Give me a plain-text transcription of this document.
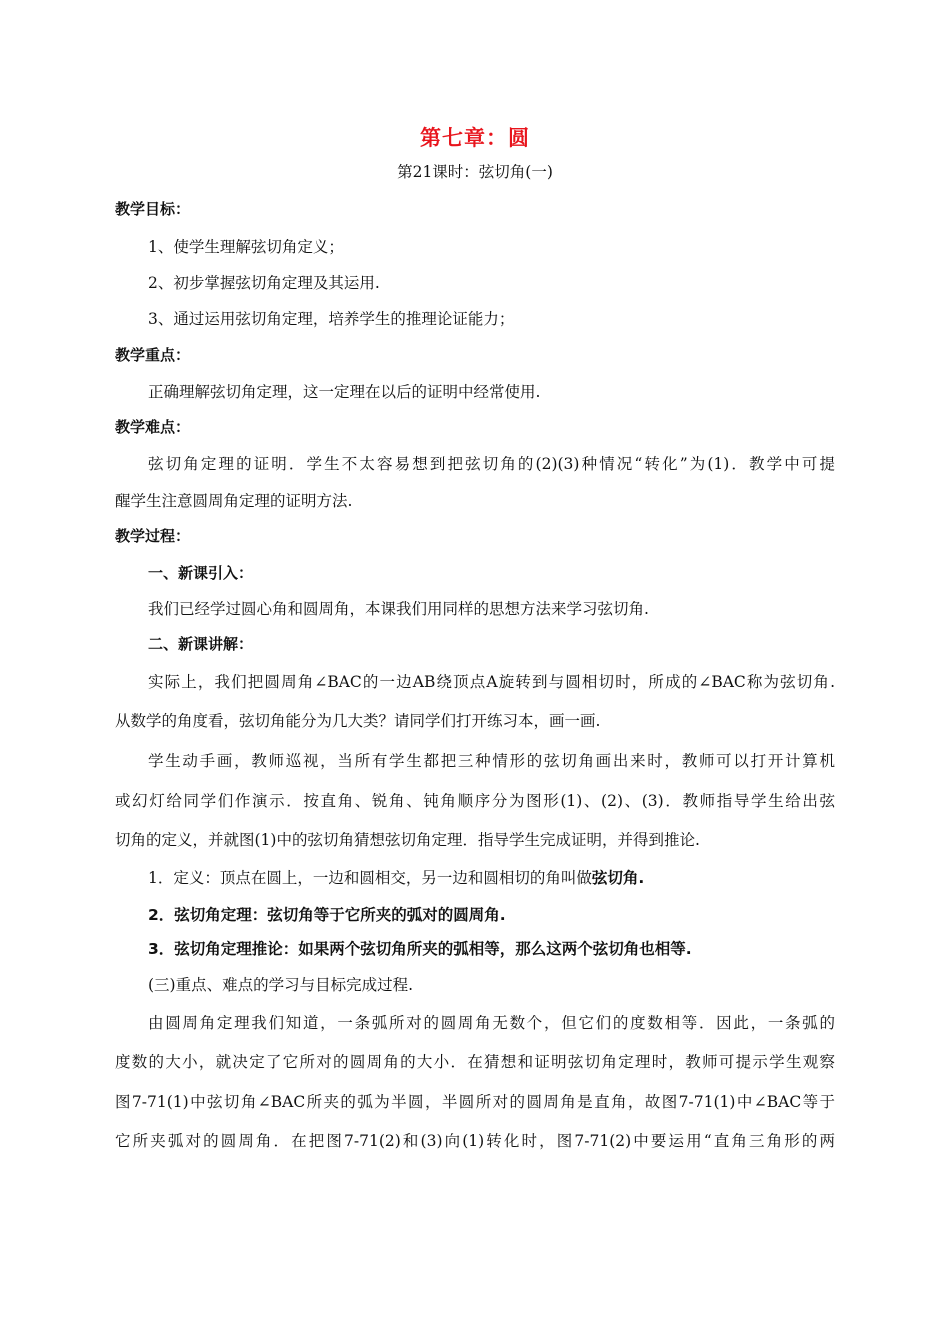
第七章：圆
第21课时：弦切角(一)
教学目标：
1、使学生理解弦切角定义；
2、初步掌握弦切角定理及其运用.
3、通过运用弦切角定理，培养学生的推理论证能力；
教学重点：
正确理解弦切角定理，这一定理在以后的证明中经常使用.
教学难点：
弦切角定理的证明．学生不太容易想到把弦切角的(2)(3)种情况“转化”为(1)．教学中可提
醒学生注意圆周角定理的证明方法.
教学过程：
一、新课引入：
我们已经学过圆心角和圆周角，本课我们用同样的思想方法来学习弦切角.
二、新课讲解：
实际上，我们把圆周角∠BAC的一边AB绕顶点A旋转到与圆相切时，所成的∠BAC称为弦切角.
从数学的角度看，弦切角能分为几大类？请同学们打开练习本，画一画.
学生动手画，教师巡视，当所有学生都把三种情形的弦切角画出来时，教师可以打开计算机
或幻灯给同学们作演示．按直角、锐角、钝角顺序分为图形(1)、(2)、(3)．教师指导学生给出弦
切角的定义，并就图(1)中的弦切角猜想弦切角定理．指导学生完成证明，并得到推论.
1．定义：顶点在圆上，一边和圆相交，另一边和圆相切的角叫做弦切角.
2．弦切角定理：弦切角等于它所夹的弧对的圆周角.
3．弦切角定理推论：如果两个弦切角所夹的弧相等，那么这两个弦切角也相等.
(三)重点、难点的学习与目标完成过程.
由圆周角定理我们知道，一条弧所对的圆周角无数个，但它们的度数相等．因此，一条弧的
度数的大小，就决定了它所对的圆周角的大小．在猜想和证明弦切角定理时，教师可提示学生观察
图7-71(1)中弦切角∠BAC所夹的弧为半圆，半圆所对的圆周角是直角，故图7-71(1)中∠BAC等于
它所夹弧对的圆周角．在把图7-71(2)和(3)向(1)转化时，图7-71(2)中要运用“直角三角形的两
